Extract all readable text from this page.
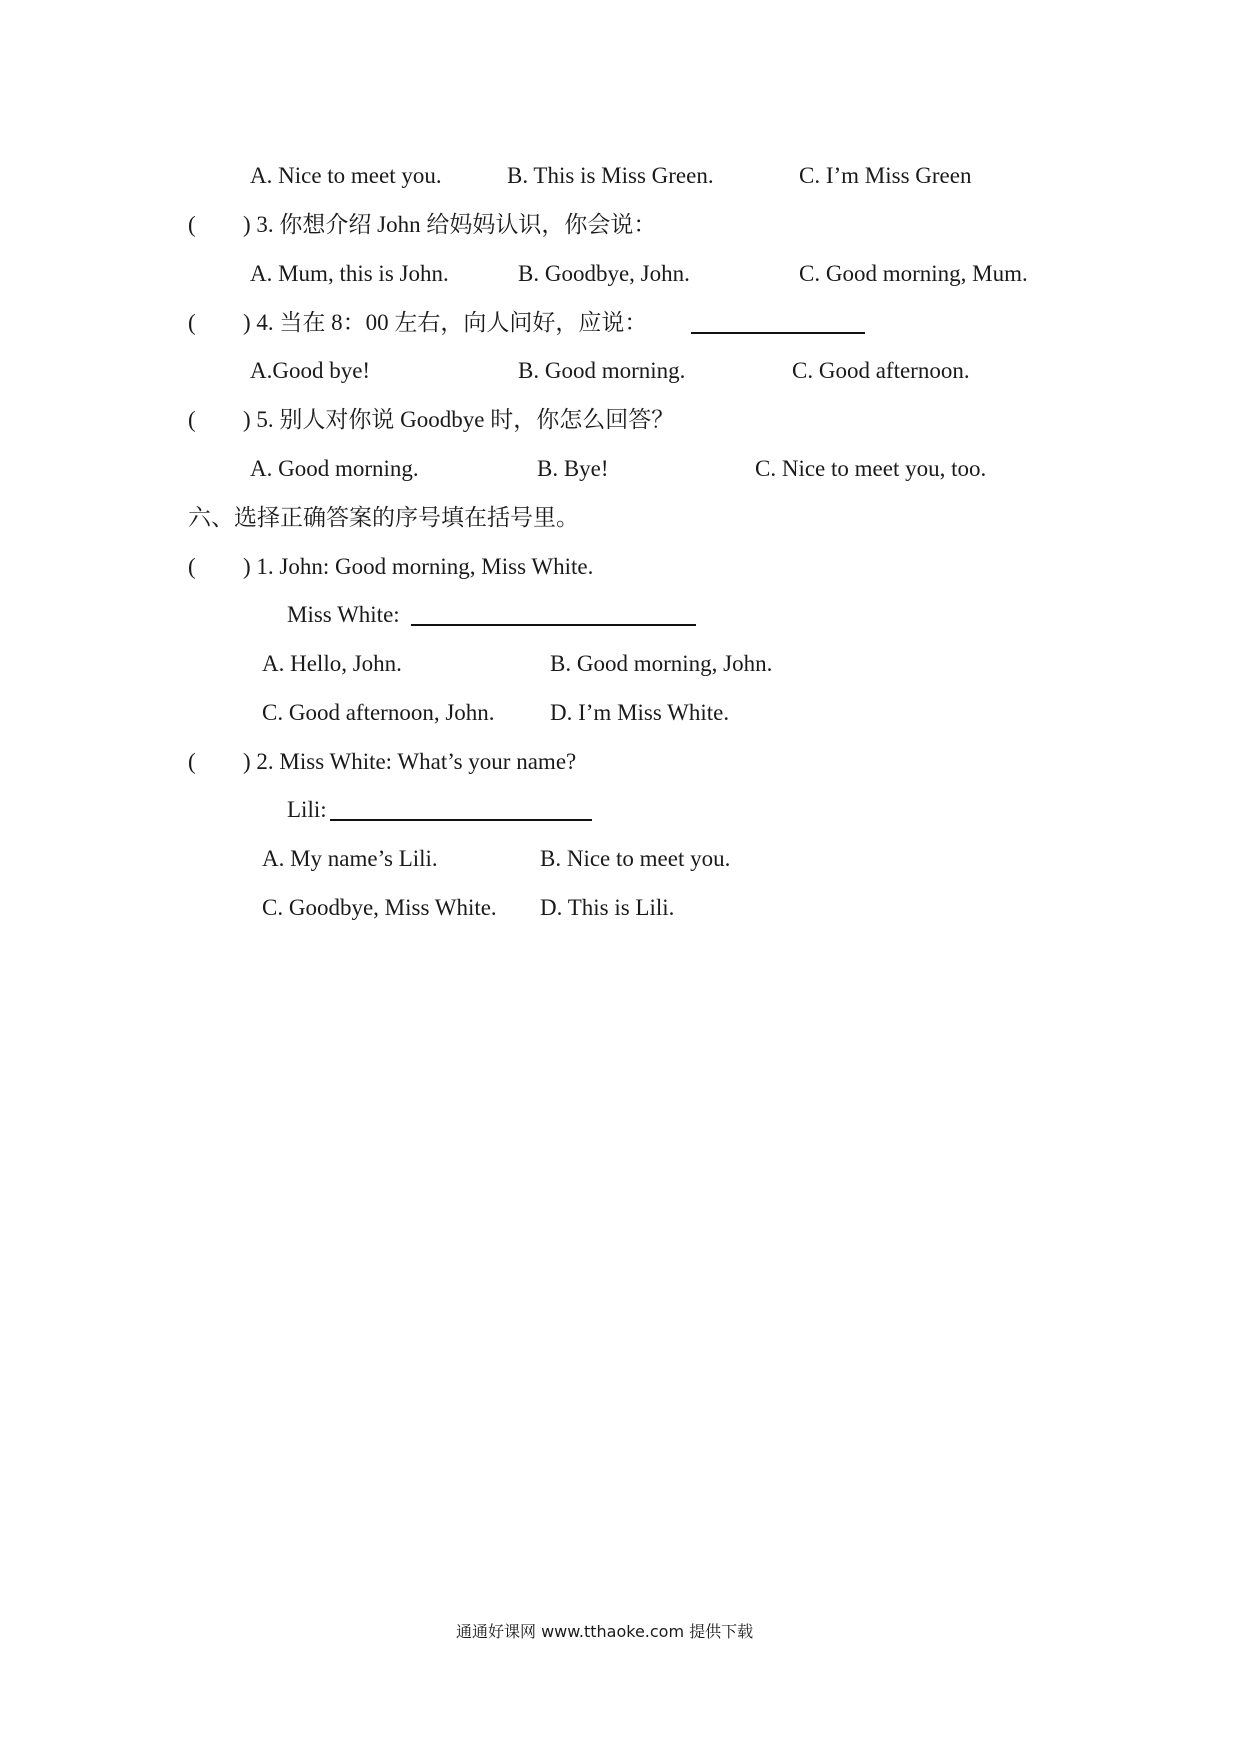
A. Nice to meet you.	B. This is Miss Green.	C. I’m Miss Green
( ) 3. 你想介绍 John 给妈妈认识，你会说：
A. Mum, this is John.	B. Goodbye, John.	C. Good morning, Mum.
( ) 4. 当在 8：00 左右，向人问好，应说：
A.Good bye!	B. Good morning.	C. Good afternoon.
( ) 5. 别人对你说 Goodbye 时，你怎么回答？
A. Good morning.	B. Bye!	C. Nice to meet you, too.
六、选择正确答案的序号填在括号里。
( ) 1. John: Good morning, Miss White.
Miss White:
A. Hello, John.	B. Good morning, John.
C. Good afternoon, John. D. I’m Miss White.
( ) 2. Miss White: What’s your name?
Lili:
A. My name’s Lili.	B. Nice to meet you.
C. Goodbye, Miss White. D. This is Lili.
通通好课网 www.tthaoke.com 提供下载
